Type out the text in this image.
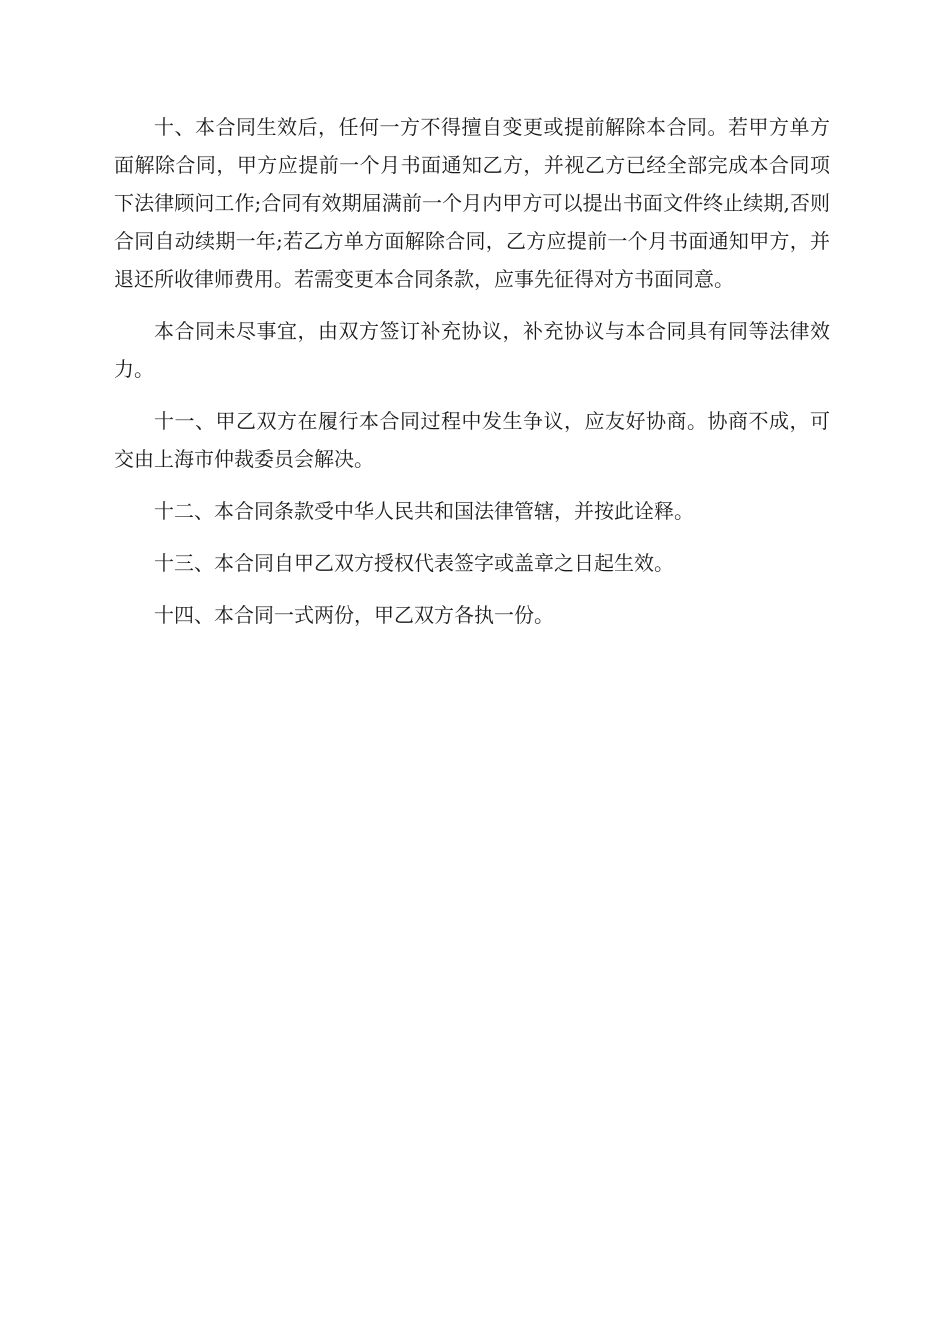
十、本合同生效后，任何一方不得擅自变更或提前解除本合同。若甲方单方面解除合同，甲方应提前一个月书面通知乙方，并视乙方已经全部完成本合同项下法律顾问工作;合同有效期届满前一个月内甲方可以提出书面文件终止续期,否则合同自动续期一年;若乙方单方面解除合同，乙方应提前一个月书面通知甲方，并退还所收律师费用。若需变更本合同条款，应事先征得对方书面同意。

本合同未尽事宜，由双方签订补充协议，补充协议与本合同具有同等法律效力。

十一、甲乙双方在履行本合同过程中发生争议，应友好协商。协商不成，可交由上海市仲裁委员会解决。

十二、本合同条款受中华人民共和国法律管辖，并按此诠释。

十三、本合同自甲乙双方授权代表签字或盖章之日起生效。

十四、本合同一式两份，甲乙双方各执一份。
